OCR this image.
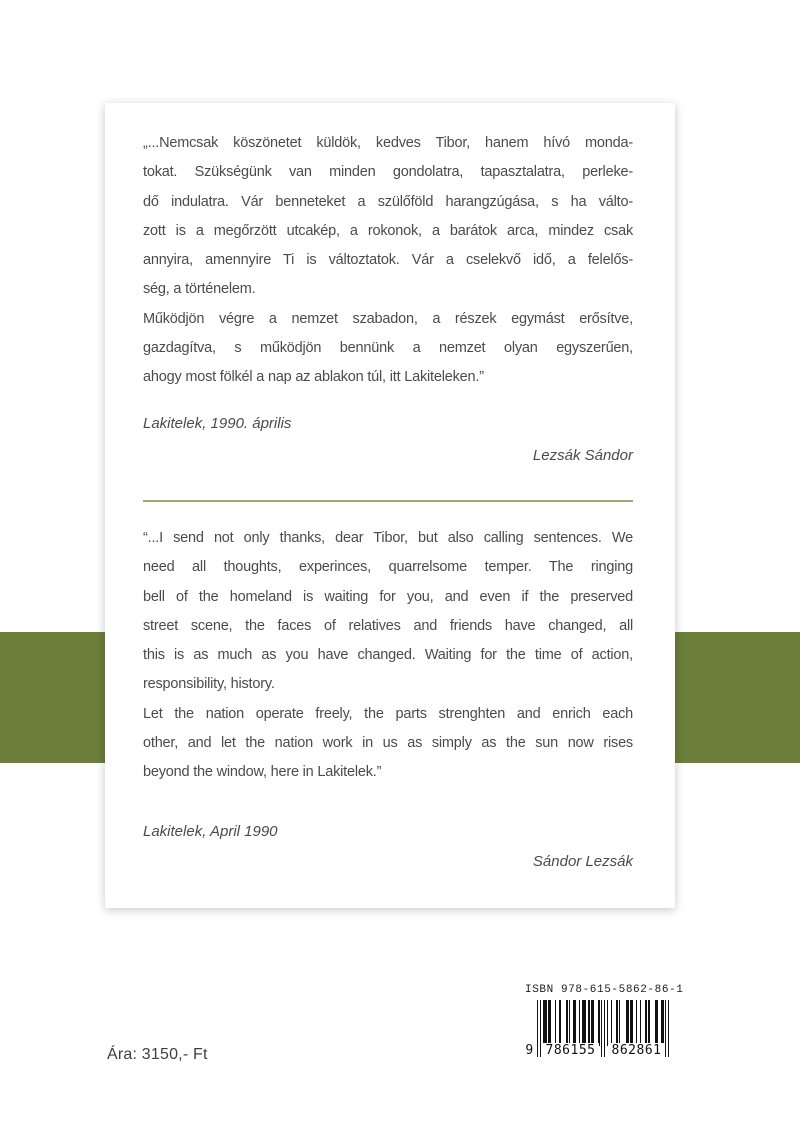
„...Nemcsak köszönetet küldök, kedves Tibor, hanem hívó monda-
tokat. Szükségünk van minden gondolatra, tapasztalatra, perleke-
dő indulatra. Vár benneteket a szülőföld harangzúgása, s ha válto-
zott is a megőrzött utcakép, a rokonok, a barátok arca, mindez csak
annyira, amennyire Ti is változtatok. Vár a cselekvő idő, a felelős-
ség, a történelem.
Működjön végre a nemzet szabadon, a részek egymást erősítve,
gazdagítva, s működjön bennünk a nemzet olyan egyszerűen,
ahogy most fölkél a nap az ablakon túl, itt Lakiteleken.”
Lakitelek, 1990. április
Lezsák Sándor
“...I send not only thanks, dear Tibor, but also calling sentences. We
need all thoughts, experinces, quarrelsome temper. The ringing
bell of the homeland is waiting for you, and even if the preserved
street scene, the faces of relatives and friends have changed, all
this is as much as you have changed. Waiting for the time of action,
responsibility, history.
Let the nation operate freely, the parts strenghten and enrich each
other, and let the nation work in us as simply as the sun now rises
beyond the window, here in Lakitelek.”
Lakitelek, April 1990
Sándor Lezsák
Ára: 3150,- Ft
ISBN 978-615-5862-86-1
9 786155 862861
